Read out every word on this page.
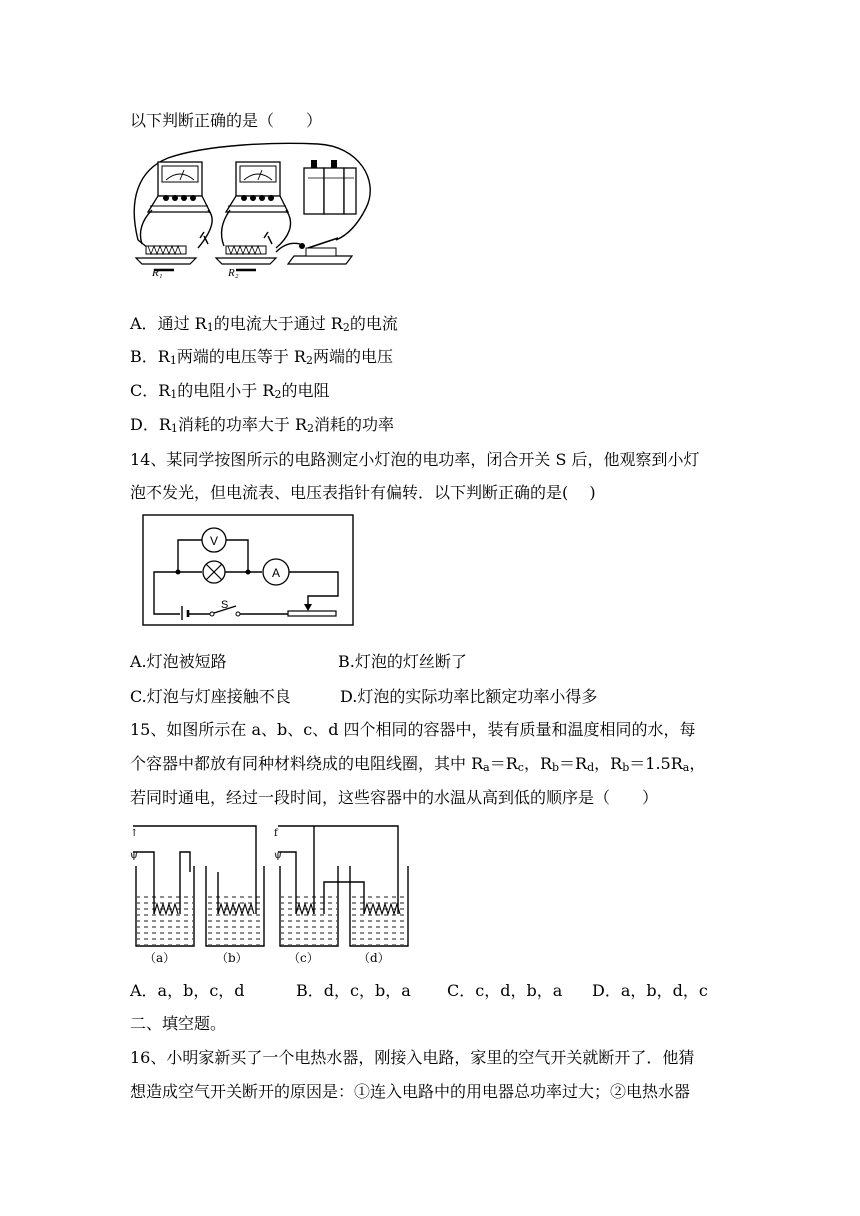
以下判断正确的是（　　）
R₁	R₂
A．通过 $R_1$的电流大于通过 $R_2$的电流
B．$R_1$两端的电压等于 $R_2$两端的电压
C．$R_1$的电阻小于 $R_2$的电阻
D．$R_1$消耗的功率大于 $R_2$消耗的功率
14、某同学按图所示的电路测定小灯泡的电功率，闭合开关 S 后，他观察到小灯
泡不发光，但电流表、电压表指针有偏转．以下判断正确的是(　 )
V
A
S
A.灯泡被短路	B.灯泡的灯丝断了
C.灯泡与灯座接触不良	D.灯泡的实际功率比额定功率小得多
15、如图所示在 a、b、c、d 四个相同的容器中，装有质量和温度相同的水，每
个容器中都放有同种材料绕成的电阻线圈，其中 $R_a=R_c$，$R_b=R_d$，$R_b=1.5R_a$，
若同时通电，经过一段时间，这些容器中的水温从高到低的顺序是（　　）
↑
ψ
（a）	（b）
f
ψ
（c）	（d）
A．a，b，c，d	B．d，c，b，a C．c，d，b，a D．a，b，d，c
二、填空题。
16、小明家新买了一个电热水器，刚接入电路，家里的空气开关就断开了．他猜
想造成空气开关断开的原因是：①连入电路中的用电器总功率过大；②电热水器
